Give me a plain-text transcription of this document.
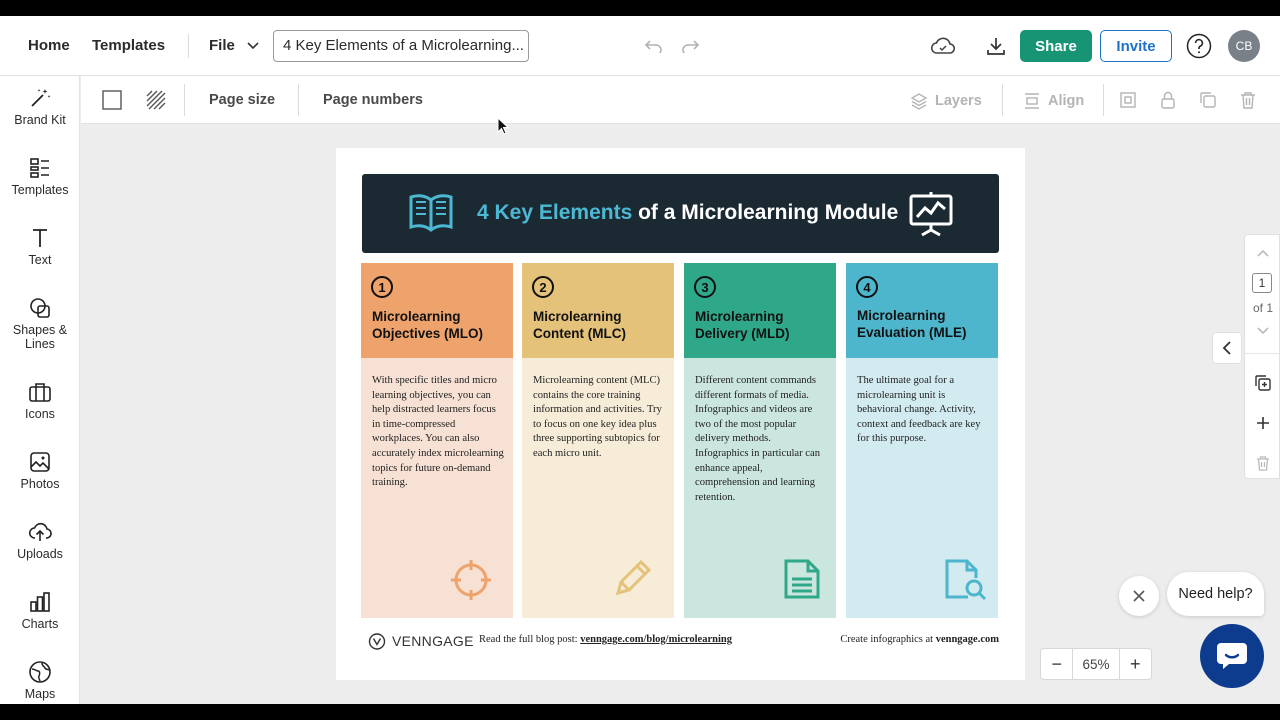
Home Templates	File	4 Key Elements of a Microlearning...	Share	Invite	CB
Brand Kit
Templates
Text
Shapes & Lines
Icons
Photos
Uploads
Charts
Maps
Page size	Page numbers	Layers	Align
4 Key Elements of a Microlearning Module
1
Microlearning Objectives (MLO)
With specific titles and micro learning objectives, you can help distracted learners focus in time-compressed workplaces. You can also accurately index microlearning topics for future on-demand training.
2
Microlearning Content (MLC)
Microlearning content (MLC) contains the core training information and activities. Try to focus on one key idea plus three supporting subtopics for each micro unit.
3
Microlearning Delivery (MLD)
Different content commands different formats of media. Infographics and videos are two of the most popular delivery methods. Infographics in particular can enhance appeal, comprehension and learning retention.
4
Microlearning Evaluation (MLE)
The ultimate goal for a microlearning unit is behavioral change. Activity, context and feedback are key for this purpose.
VENNGAGE Read the full blog post: venngage.com/blog/microlearning	Create infographics at venngage.com
1
of 1
−	65%	+
Need help?
